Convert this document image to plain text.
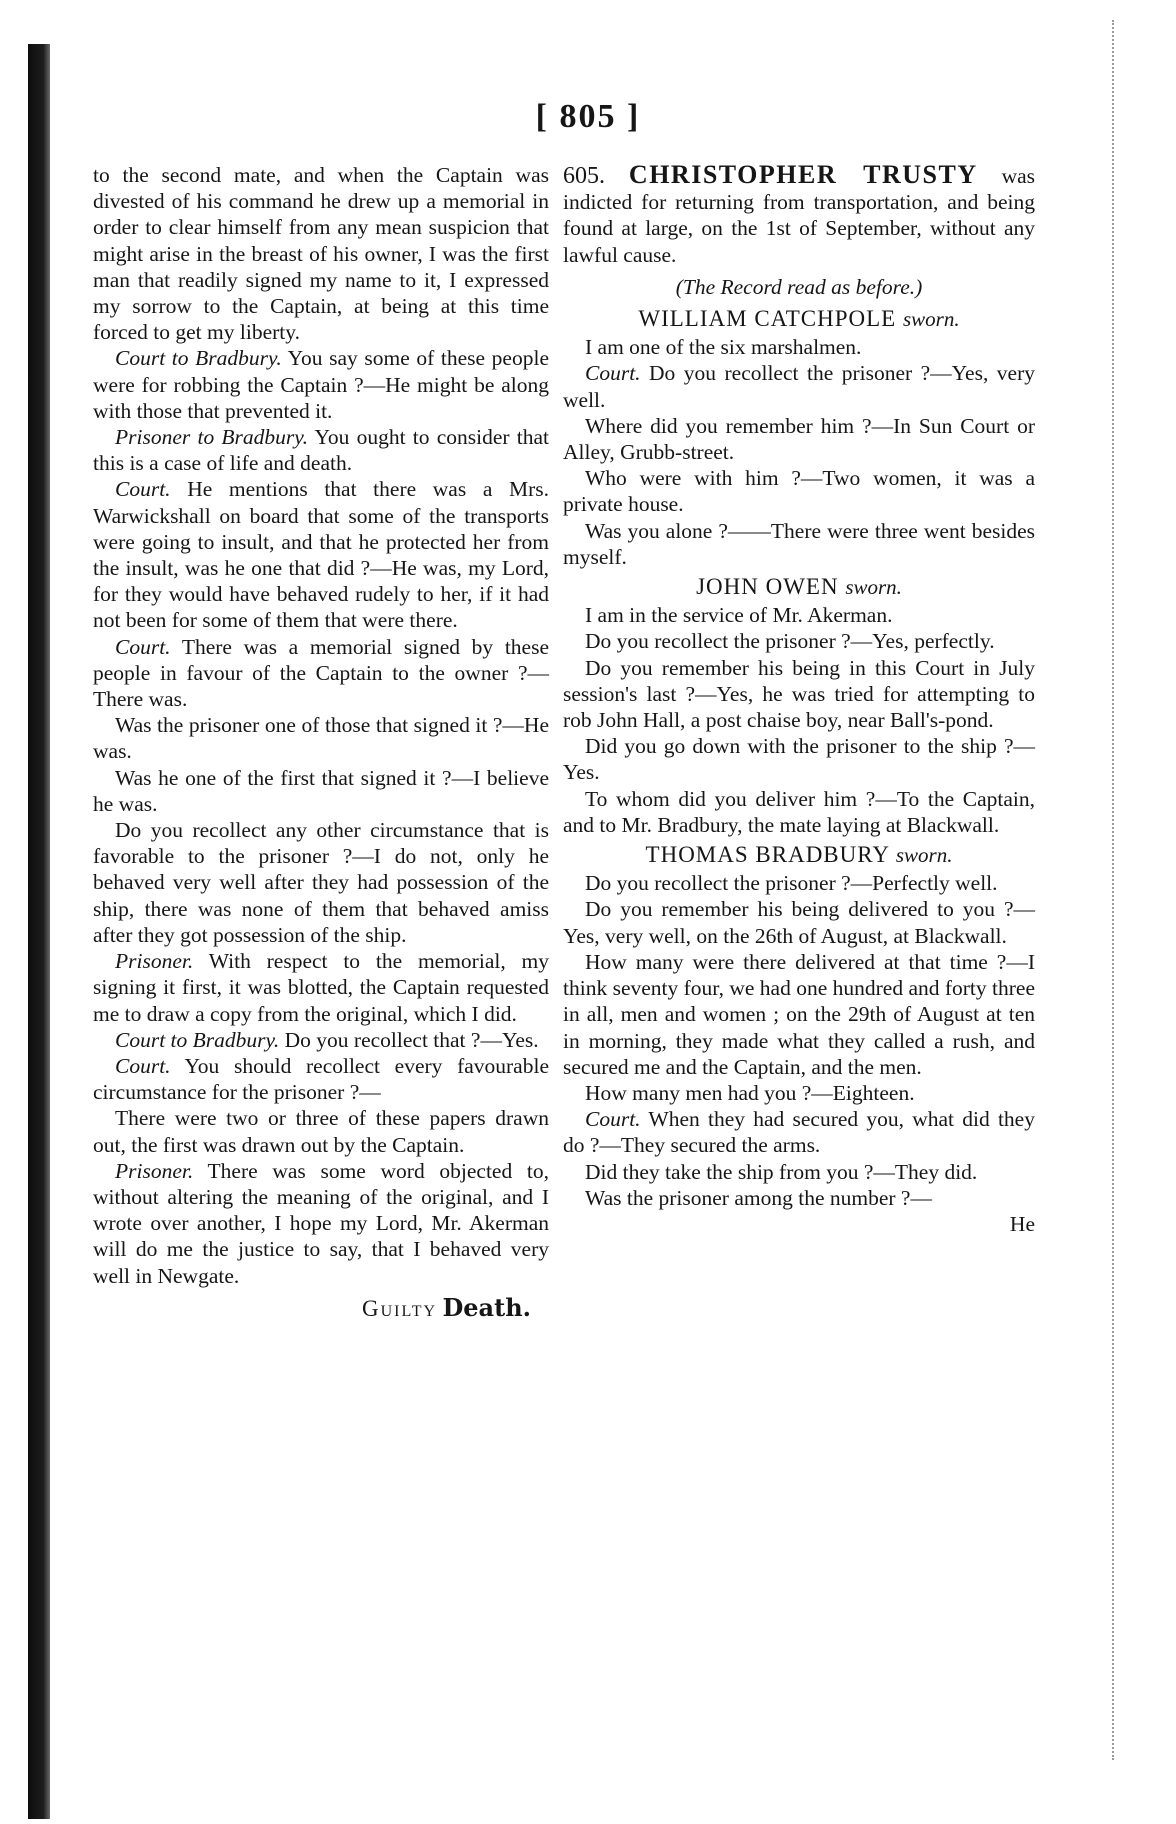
[ 805 ]

to the second mate, and when the Captain was divested of his command he drew up a memorial in order to clear himself from any mean suspicion that might arise in the breast of his owner, I was the first man that readily signed my name to it, I expressed my sorrow to the Captain, at being at this time forced to get my liberty.

Court to Bradbury. You say some of these people were for robbing the Captain ?—He might be along with those that prevented it.

Prisoner to Bradbury. You ought to consider that this is a case of life and death.

Court. He mentions that there was a Mrs. Warwickshall on board that some of the transports were going to insult, and that he protected her from the insult, was he one that did ?—He was, my Lord, for they would have behaved rudely to her, if it had not been for some of them that were there.

Court. There was a memorial signed by these people in favour of the Captain to the owner ?—There was.

Was the prisoner one of those that signed it ?—He was.

Was he one of the first that signed it ?—I believe he was.

Do you recollect any other circumstance that is favorable to the prisoner ?—I do not, only he behaved very well after they had possession of the ship, there was none of them that behaved amiss after they got possession of the ship.

Prisoner. With respect to the memorial, my signing it first, it was blotted, the Captain requested me to draw a copy from the original, which I did.

Court to Bradbury. Do you recollect that ?—Yes.

Court. You should recollect every favourable circumstance for the prisoner ?—

There were two or three of these papers drawn out, the first was drawn out by the Captain.

Prisoner. There was some word objected to, without altering the meaning of the original, and I wrote over another, I hope my Lord, Mr. Akerman will do me the justice to say, that I behaved very well in Newgate.

Guilty Death.

605. CHRISTOPHER TRUSTY was indicted for returning from transportation, and being found at large, on the 1st of September, without any lawful cause.

(The Record read as before.)

WILLIAM CATCHPOLE sworn.

I am one of the six marshalmen.

Court. Do you recollect the prisoner ?—Yes, very well.

Where did you remember him ?—In Sun Court or Alley, Grubb-street.

Who were with him ?—Two women, it was a private house.

Was you alone ?——There were three went besides myself.

JOHN OWEN sworn.

I am in the service of Mr. Akerman.

Do you recollect the prisoner ?—Yes, perfectly.

Do you remember his being in this Court in July session's last ?—Yes, he was tried for attempting to rob John Hall, a post chaise boy, near Ball's-pond.

Did you go down with the prisoner to the ship ?—Yes.

To whom did you deliver him ?—To the Captain, and to Mr. Bradbury, the mate laying at Blackwall.

THOMAS BRADBURY sworn.

Do you recollect the prisoner ?—Perfectly well.

Do you remember his being delivered to you ?—Yes, very well, on the 26th of August, at Blackwall.

How many were there delivered at that time ?—I think seventy four, we had one hundred and forty three in all, men and women ; on the 29th of August at ten in morning, they made what they called a rush, and secured me and the Captain, and the men.

How many men had you ?—Eighteen.

Court. When they had secured you, what did they do ?—They secured the arms.

Did they take the ship from you ?—They did.

Was the prisoner among the number ?—

He
